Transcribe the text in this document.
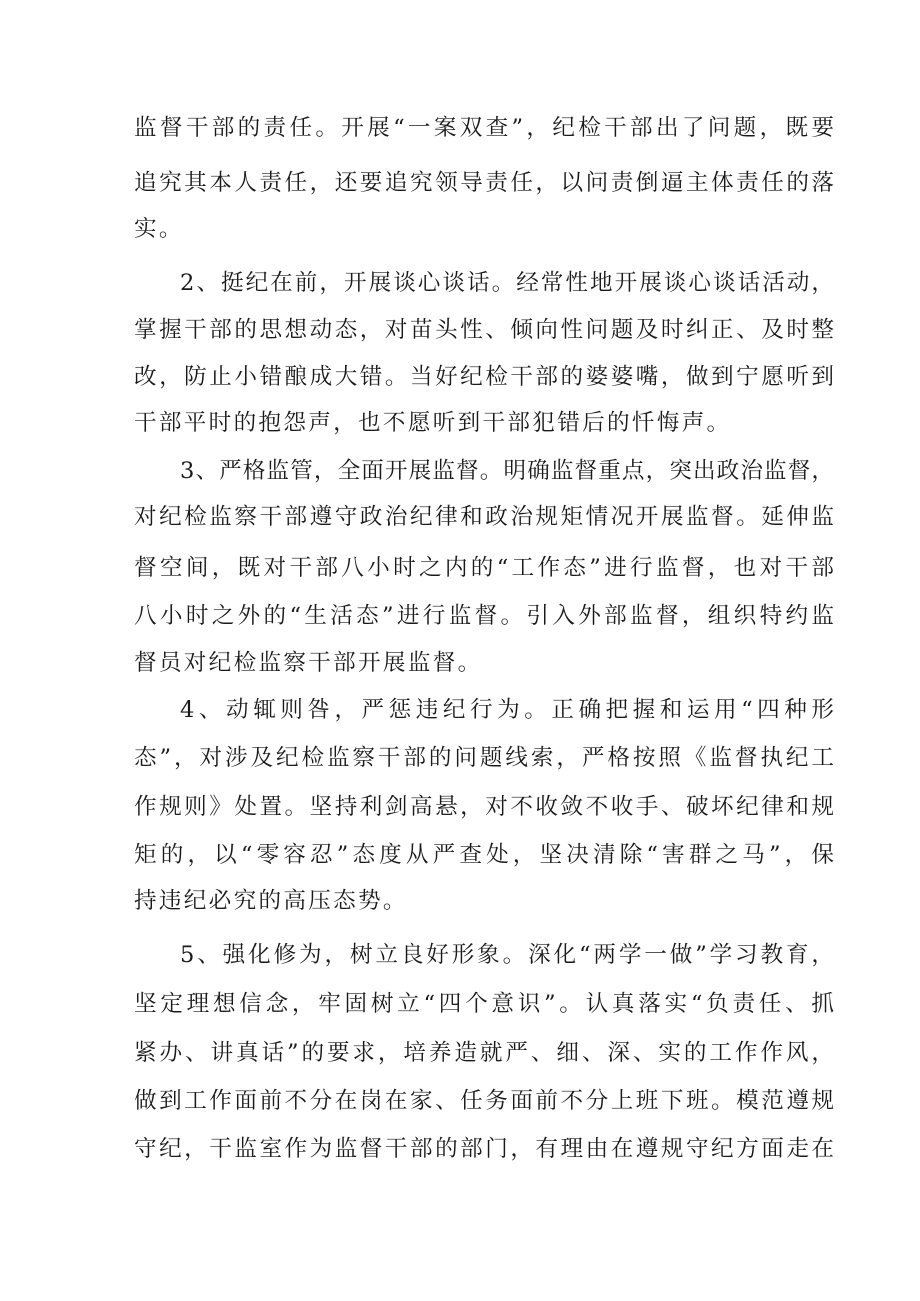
监督干部的责任。开展“一案双查”，纪检干部出了问题，既要
追究其本人责任，还要追究领导责任，以问责倒逼主体责任的落
实。
2、挺纪在前，开展谈心谈话。经常性地开展谈心谈话活动，
掌握干部的思想动态，对苗头性、倾向性问题及时纠正、及时整
改，防止小错酿成大错。当好纪检干部的婆婆嘴，做到宁愿听到
干部平时的抱怨声，也不愿听到干部犯错后的忏悔声。
3、严格监管，全面开展监督。明确监督重点，突出政治监督，
对纪检监察干部遵守政治纪律和政治规矩情况开展监督。延伸监
督空间，既对干部八小时之内的“工作态”进行监督，也对干部
八小时之外的“生活态”进行监督。引入外部监督，组织特约监
督员对纪检监察干部开展监督。
4、动辄则咎，严惩违纪行为。正确把握和运用“四种形
态”，对涉及纪检监察干部的问题线索，严格按照《监督执纪工
作规则》处置。坚持利剑高悬，对不收敛不收手、破坏纪律和规
矩的，以“零容忍”态度从严查处，坚决清除“害群之马”，保
持违纪必究的高压态势。
5、强化修为，树立良好形象。深化“两学一做”学习教育，
坚定理想信念，牢固树立“四个意识”。认真落实“负责任、抓
紧办、讲真话”的要求，培养造就严、细、深、实的工作作风，
做到工作面前不分在岗在家、任务面前不分上班下班。模范遵规
守纪，干监室作为监督干部的部门，有理由在遵规守纪方面走在
